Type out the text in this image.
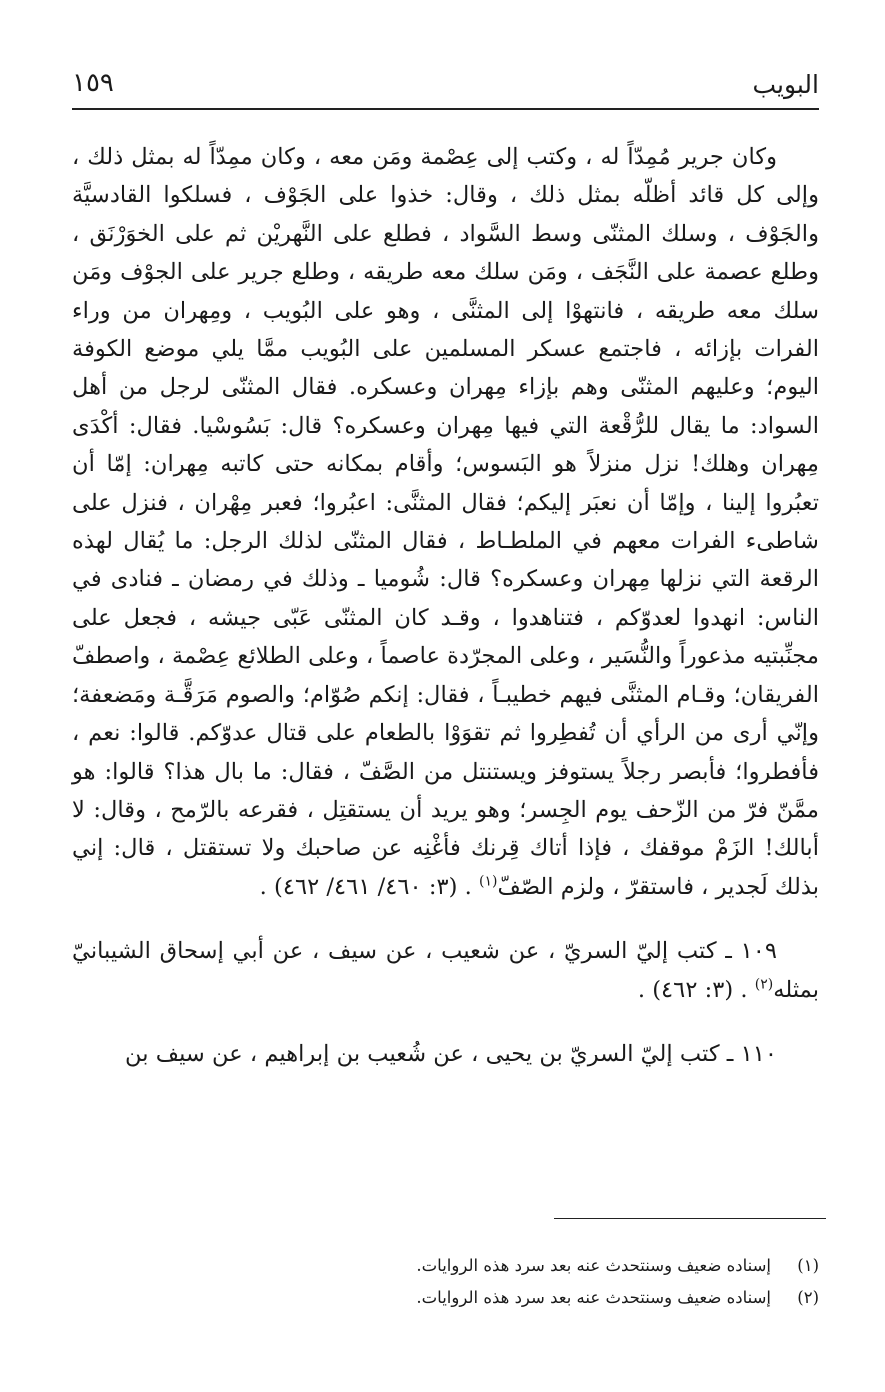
البويب
١٥٩

وكان جرير مُمِدّاً له ، وكتب إلى عِصْمة ومَن معه ، وكان ممِدّاً له بمثل ذلك ، وإلى كل قائد أظلّه بمثل ذلك ، وقال: خذوا على الجَوْف ، فسلكوا القادسيَّة والجَوْف ، وسلك المثنّى وسط السَّواد ، فطلع على النَّهريْن ثم على الخوَرْنَق ، وطلع عصمة على النَّجَف ، ومَن سلك معه طريقه ، وطلع جرير على الجوْف ومَن سلك معه طريقه ، فانتهوْا إلى المثنَّى ، وهو على البُويب ، ومِهران من وراء الفرات بإزائه ، فاجتمع عسكر المسلمين على البُويب ممَّا يلي موضع الكوفة اليوم؛ وعليهم المثنّى وهم بإزاء مِهران وعسكره. فقال المثنّى لرجل من أهل السواد: ما يقال للرُّقْعة التي فيها مِهران وعسكره؟ قال: بَسُوسْيا. فقال: أكْدَى مِهران وهلك! نزل منزلاً هو البَسوس؛ وأقام بمكانه حتى كاتبه مِهران: إمّا أن تعبُروا إلينا ، وإمّا أن نعبَر إليكم؛ فقال المثنَّى: اعبُروا؛ فعبر مِهْران ، فنزل على شاطىء الفرات معهم في الملطـاط ، فقال المثنّى لذلك الرجل: ما يُقال لهذه الرقعة التي نزلها مِهران وعسكره؟ قال: شُوميا ـ وذلك في رمضان ـ فنادى في الناس: انهدوا لعدوّكم ، فتناهدوا ، وقـد كان المثنّى عَبّى جيشه ، فجعل على مجنِّبتيه مذعوراً والنُّسَير ، وعلى المجرّدة عاصماً ، وعلى الطلائع عِصْمة ، واصطفّ الفريقان؛ وقـام المثنَّى فيهم خطيبـاً ، فقال: إنكم صُوّام؛ والصوم مَرَقَّـة ومَضعفة؛ وإنّي أرى من الرأي أن تُفطِروا ثم تقوَوْا بالطعام على قتال عدوّكم. قالوا: نعم ، فأفطروا؛ فأبصر رجلاً يستوفز ويستنتل من الصَّفّ ، فقال: ما بال هذا؟ قالوا: هو ممَّنّ فرّ من الزّحف يوم الجِسر؛ وهو يريد أن يستقتِل ، فقرعه بالرّمح ، وقال: لا أبالك! الزَمْ موقفك ، فإذا أتاك قِرنك فأغْنِه عن صاحبك ولا تستقتل ، قال: إني بذلك لَجدير ، فاستقرّ ، ولزم الصّفّ$^{(١)}$ . (٣: ٤٦٠/ ٤٦١/ ٤٦٢) .

١٠٩ ـ كتب إليّ السريّ ، عن شعيب ، عن سيف ، عن أبي إسحاق الشيبانيّ بمثله$^{(٢)}$ . (٣: ٤٦٢) .

١١٠ ـ كتب إليّ السريّ بن يحيى ، عن شُعيب بن إبراهيم ، عن سيف بن

(١)إسناده ضعيف وسنتحدث عنه بعد سرد هذه الروايات.

(٢)إسناده ضعيف وسنتحدث عنه بعد سرد هذه الروايات.
